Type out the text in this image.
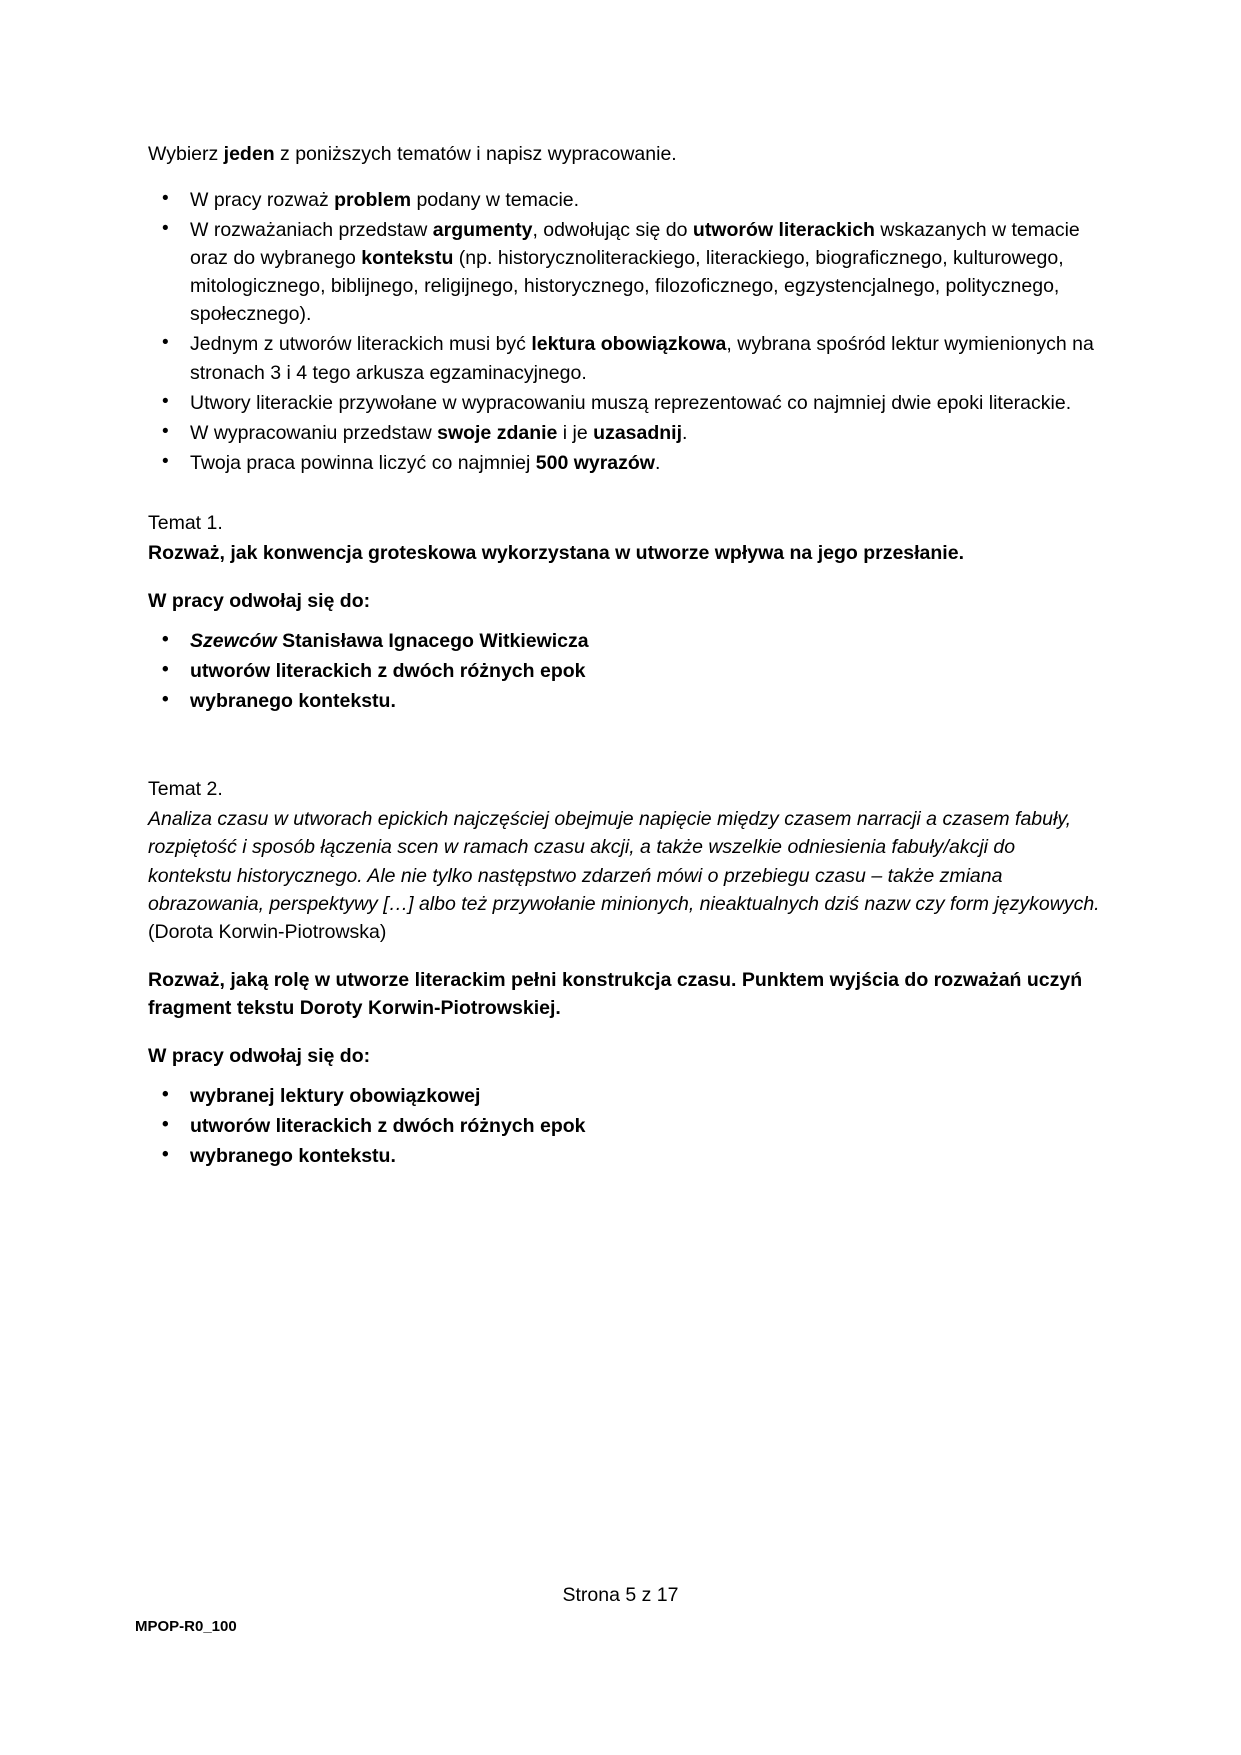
Wybierz jeden z poniższych tematów i napisz wypracowanie.

• W pracy rozważ problem podany w temacie.
• W rozważaniach przedstaw argumenty, odwołując się do utworów literackich wskazanych w temacie oraz do wybranego kontekstu (np. historycznoliterackiego, literackiego, biograficznego, kulturowego, mitologicznego, biblijnego, religijnego, historycznego, filozoficznego, egzystencjalnego, politycznego, społecznego).
• Jednym z utworów literackich musi być lektura obowiązkowa, wybrana spośród lektur wymienionych na stronach 3 i 4 tego arkusza egzaminacyjnego.
• Utwory literackie przywołane w wypracowaniu muszą reprezentować co najmniej dwie epoki literackie.
• W wypracowaniu przedstaw swoje zdanie i je uzasadnij.
• Twoja praca powinna liczyć co najmniej 500 wyrazów.

Temat 1.

Rozważ, jak konwencja groteskowa wykorzystana w utworze wpływa na jego przesłanie.

W pracy odwołaj się do:

• Szewców Stanisława Ignacego Witkiewicza
• utworów literackich z dwóch różnych epok
• wybranego kontekstu.

Temat 2.

Analiza czasu w utworach epickich najczęściej obejmuje napięcie między czasem narracji a czasem fabuły, rozpiętość i sposób łączenia scen w ramach czasu akcji, a także wszelkie odniesienia fabuły/akcji do kontekstu historycznego. Ale nie tylko następstwo zdarzeń mówi o przebiegu czasu – także zmiana obrazowania, perspektywy […] albo też przywołanie minionych, nieaktualnych dziś nazw czy form językowych. (Dorota Korwin-Piotrowska)

Rozważ, jaką rolę w utworze literackim pełni konstrukcja czasu. Punktem wyjścia do rozważań uczyń fragment tekstu Doroty Korwin-Piotrowskiej.

W pracy odwołaj się do:

• wybranej lektury obowiązkowej
• utworów literackich z dwóch różnych epok
• wybranego kontekstu.
Strona 5 z 17
MPOP-R0_100
